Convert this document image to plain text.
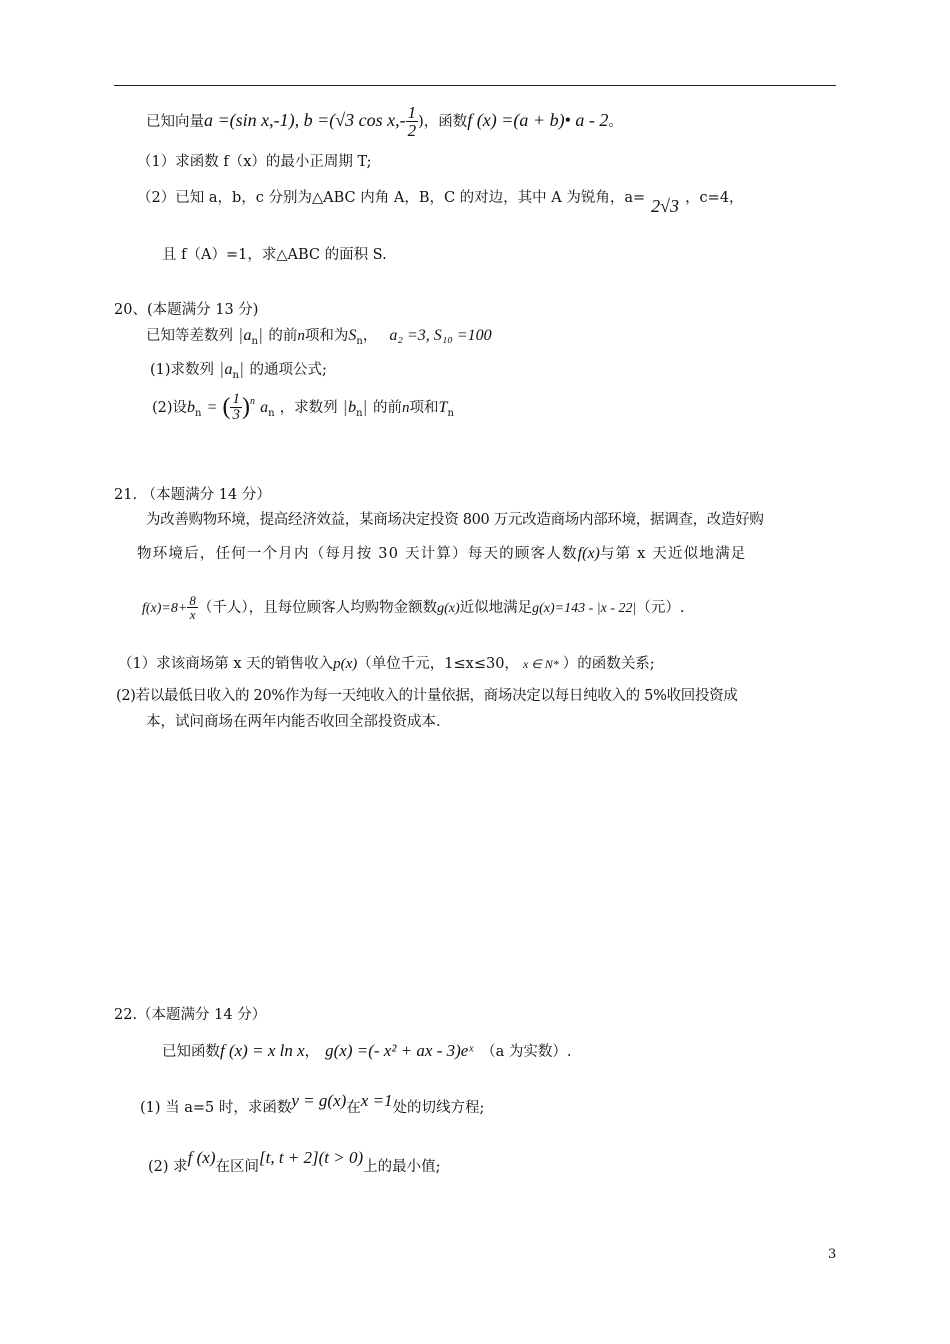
已知向量a =(sin x,-1), b =(√3 $\cos x,- \frac{1}{2}$ )，函数f (x) =(a + b)• a - 2。
（1）求函数 f（x）的最小正周期 T;
（2）已知 a，b，c 分别为△ABC 内角 A，B，C 的对边，其中 A 为锐角，a= 2√3 ，c=4，
且 f（A）=1，求△ABC 的面积 S.
20、(本题满分 13 分)
已知等差数列 $|a_n|$ 的前n项和为$S_n$， a₂ =3, S₁₀ =100
(1)求数列 $|a_n|$ 的通项公式;
(2)设$b_n$ = ( $\frac{1}{3} )^n$ $a_n$ ，求数列 $|b_n|$ 的前n项和$T_n$
21. （本题满分 14 分）
为改善购物环境，提高经济效益，某商场决定投资 800 万元改造商场内部环境，据调查，改造好购
物环境后，任何一个月内（每月按 30 天计算）每天的顾客人数f(x)与第 x 天近似地满足
$f(x)=8+ \frac{8}{x}$ （千人），且每位顾客人均购物金额数g(x)近似地满足g(x)=143 - |x - 22|（元）.
（1）求该商场第 x 天的销售收入p(x)（单位千元，1≤x≤30， x ∈ N* ）的函数关系;
(2)若以最低日收入的 20%作为每一天纯收入的计量依据，商场决定以每日纯收入的 5%收回投资成
本，试问商场在两年内能否收回全部投资成本.
22.（本题满分 14 分）
已知函数f (x) = x ln x， g(x) =(- x² + ax - 3)eˣ （a 为实数）.
(1) 当 a=5 时，求函数y = g(x)在x =1处的切线方程;
(2) 求f (x)在区间[t, t + 2](t > 0)上的最小值;
3
